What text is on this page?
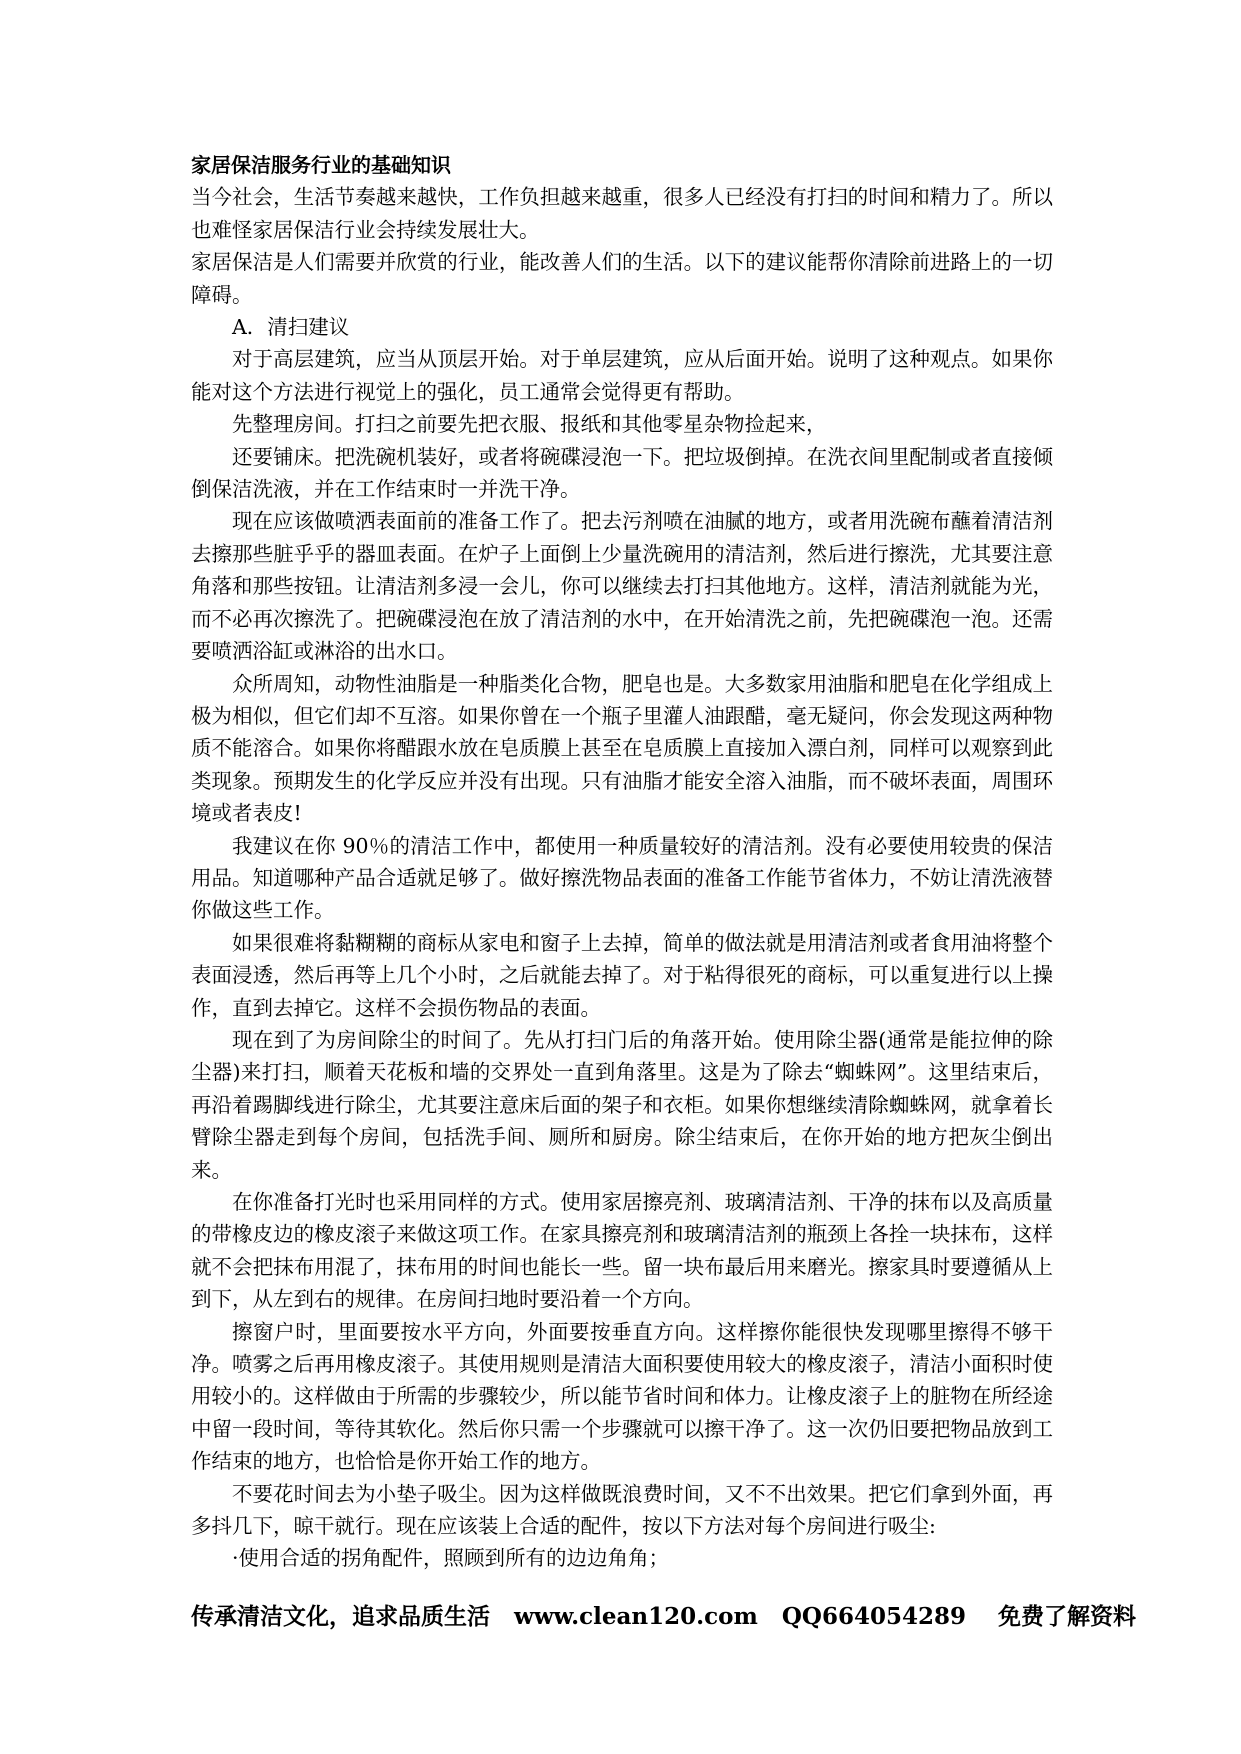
家居保洁服务行业的基础知识

当今社会，生活节奏越来越快，工作负担越来越重，很多人已经没有打扫的时间和精力了。所以也难怪家居保洁行业会持续发展壮大。

家居保洁是人们需要并欣赏的行业，能改善人们的生活。以下的建议能帮你清除前进路上的一切障碍。

A．清扫建议

对于高层建筑，应当从顶层开始。对于单层建筑，应从后面开始。说明了这种观点。如果你能对这个方法进行视觉上的强化，员工通常会觉得更有帮助。

先整理房间。打扫之前要先把衣服、报纸和其他零星杂物捡起来，

还要铺床。把洗碗机装好，或者将碗碟浸泡一下。把垃圾倒掉。在洗衣间里配制或者直接倾倒保洁洗液，并在工作结束时一并洗干净。

现在应该做喷洒表面前的准备工作了。把去污剂喷在油腻的地方，或者用洗碗布蘸着清洁剂去擦那些脏乎乎的器皿表面。在炉子上面倒上少量洗碗用的清洁剂，然后进行擦洗，尤其要注意角落和那些按钮。让清洁剂多浸一会儿，你可以继续去打扫其他地方。这样，清洁剂就能为光，而不必再次擦洗了。把碗碟浸泡在放了清洁剂的水中，在开始清洗之前，先把碗碟泡一泡。还需要喷洒浴缸或淋浴的出水口。

众所周知，动物性油脂是一种脂类化合物，肥皂也是。大多数家用油脂和肥皂在化学组成上极为相似，但它们却不互溶。如果你曾在一个瓶子里灌人油跟醋，毫无疑问，你会发现这两种物质不能溶合。如果你将醋跟水放在皂质膜上甚至在皂质膜上直接加入漂白剂，同样可以观察到此类现象。预期发生的化学反应并没有出现。只有油脂才能安全溶入油脂，而不破坏表面，周围环境或者表皮!

我建议在你 90％的清洁工作中，都使用一种质量较好的清洁剂。没有必要使用较贵的保洁用品。知道哪种产品合适就足够了。做好擦洗物品表面的准备工作能节省体力，不妨让清洗液替你做这些工作。

如果很难将黏糊糊的商标从家电和窗子上去掉，简单的做法就是用清洁剂或者食用油将整个表面浸透，然后再等上几个小时，之后就能去掉了。对于粘得很死的商标，可以重复进行以上操作，直到去掉它。这样不会损伤物品的表面。

现在到了为房间除尘的时间了。先从打扫门后的角落开始。使用除尘器(通常是能拉伸的除尘器)来打扫，顺着天花板和墙的交界处一直到角落里。这是为了除去“蜘蛛网”。这里结束后，再沿着踢脚线进行除尘，尤其要注意床后面的架子和衣柜。如果你想继续清除蜘蛛网，就拿着长臂除尘器走到每个房间，包括洗手间、厕所和厨房。除尘结束后，在你开始的地方把灰尘倒出来。

在你准备打光时也采用同样的方式。使用家居擦亮剂、玻璃清洁剂、干净的抹布以及高质量的带橡皮边的橡皮滚子来做这项工作。在家具擦亮剂和玻璃清洁剂的瓶颈上各拴一块抹布，这样就不会把抹布用混了，抹布用的时间也能长一些。留一块布最后用来磨光。擦家具时要遵循从上到下，从左到右的规律。在房间扫地时要沿着一个方向。

擦窗户时，里面要按水平方向，外面要按垂直方向。这样擦你能很快发现哪里擦得不够干净。喷雾之后再用橡皮滚子。其使用规则是清洁大面积要使用较大的橡皮滚子，清洁小面积时使用较小的。这样做由于所需的步骤较少，所以能节省时间和体力。让橡皮滚子上的脏物在所经途中留一段时间，等待其软化。然后你只需一个步骤就可以擦干净了。这一次仍旧要把物品放到工作结束的地方，也恰恰是你开始工作的地方。

不要花时间去为小垫子吸尘。因为这样做既浪费时间，又不不出效果。把它们拿到外面，再多抖几下，晾干就行。现在应该装上合适的配件，按以下方法对每个房间进行吸尘:

·使用合适的拐角配件，照顾到所有的边边角角；

传承清洁文化，追求品质生活 www.clean120.com QQ664054289 免费了解资料
